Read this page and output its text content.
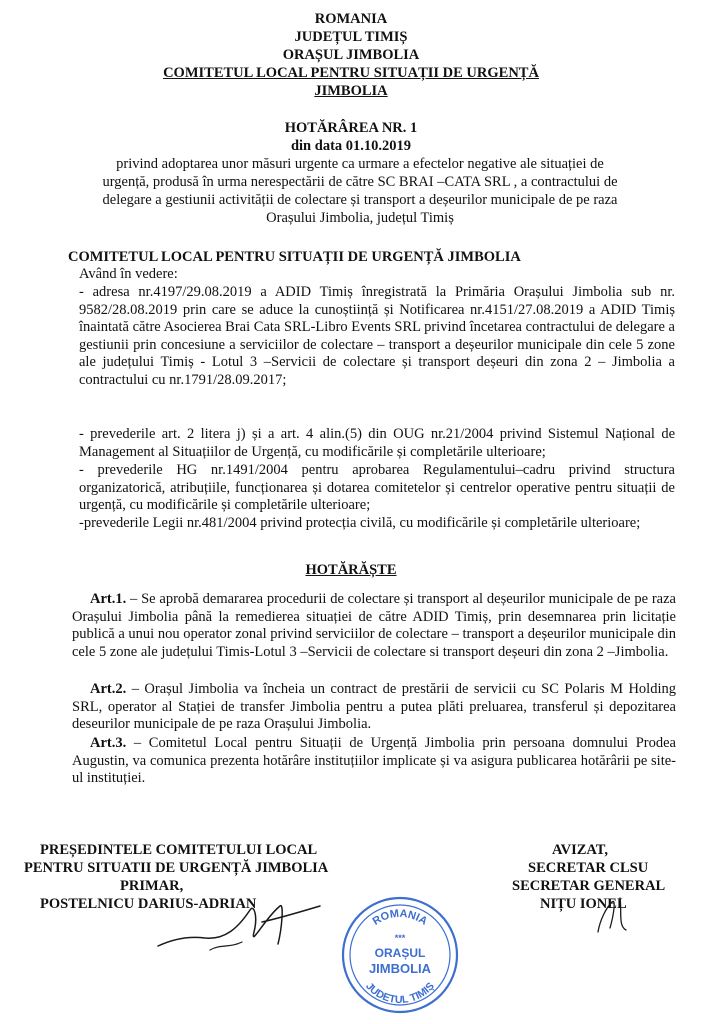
ROMANIA
JUDEȚUL TIMIȘ
ORAȘUL JIMBOLIA
COMITETUL LOCAL PENTRU SITUAȚII DE URGENȚĂ
JIMBOLIA
HOTĂRÂREA NR. 1
din data 01.10.2019
privind adoptarea unor măsuri urgente ca urmare a efectelor negative ale situației de
urgență, produsă în urma nerespectării de către SC BRAI –CATA SRL , a contractului de
delegare a gestiunii activității de colectare și transport a deșeurilor municipale de pe raza
Orașului Jimbolia, județul Timiș
COMITETUL LOCAL PENTRU SITUAȚII DE URGENȚĂ JIMBOLIA
Având în vedere:
- adresa nr.4197/29.08.2019 a ADID Timiș înregistrată la Primăria Orașului Jimbolia sub nr. 9582/28.08.2019 prin care se aduce la cunoștiință și Notificarea nr.4151/27.08.2019 a ADID Timiș înaintată către Asocierea Brai Cata SRL-Libro Events SRL privind încetarea contractului de delegare a gestiunii prin concesiune a serviciilor de colectare – transport a deșeurilor municipale din cele 5 zone ale județului Timiș - Lotul 3 –Servicii de colectare și transport deșeuri din zona 2 – Jimbolia a contractului cu nr.1791/28.09.2017;
- prevederile art. 2 litera j) și a art. 4 alin.(5) din OUG nr.21/2004 privind Sistemul Național de Management al Situațiilor de Urgență, cu modificările și completările ulterioare;
- prevederile HG nr.1491/2004 pentru aprobarea Regulamentului–cadru privind structura organizatorică, atribuțiile, funcționarea și dotarea comitetelor și centrelor operative pentru situații de urgență, cu modificările și completările ulterioare;
-prevederile Legii nr.481/2004 privind protecția civilă, cu modificările și completările ulterioare;
HOTĂRĂȘTE
Art.1. – Se aprobă demararea procedurii de colectare și transport al deșeurilor municipale de pe raza Orașului Jimbolia până la remedierea situației de către ADID Timiș, prin desemnarea prin licitație publică a unui nou operator zonal privind serviciilor de colectare – transport a deșeurilor municipale din cele 5 zone ale județului Timis-Lotul 3 –Servicii de colectare si transport deșeuri din zona 2 –Jimbolia.
Art.2. – Orașul Jimbolia va încheia un contract de prestării de servicii cu SC Polaris M Holding SRL, operator al Stației de transfer Jimbolia pentru a putea plăti preluarea, transferul și depozitarea deseurilor municipale de pe raza Orașului Jimbolia.
Art.3. – Comitetul Local pentru Situații de Urgență Jimbolia prin persoana domnului Prodea Augustin, va comunica prezenta hotărâre instituțiilor implicate și va asigura publicarea hotărârii pe site-ul instituției.
PREȘEDINTELE COMITETULUI LOCAL
PENTRU SITUATII DE URGENȚĂ JIMBOLIA
PRIMAR,
POSTELNICU DARIUS-ADRIAN
AVIZAT,
SECRETAR CLSU
SECRETAR GENERAL
NIȚU IONEL
ROMANIA
***
ORAȘUL
JIMBOLIA
JUDETUL TIMIȘ
